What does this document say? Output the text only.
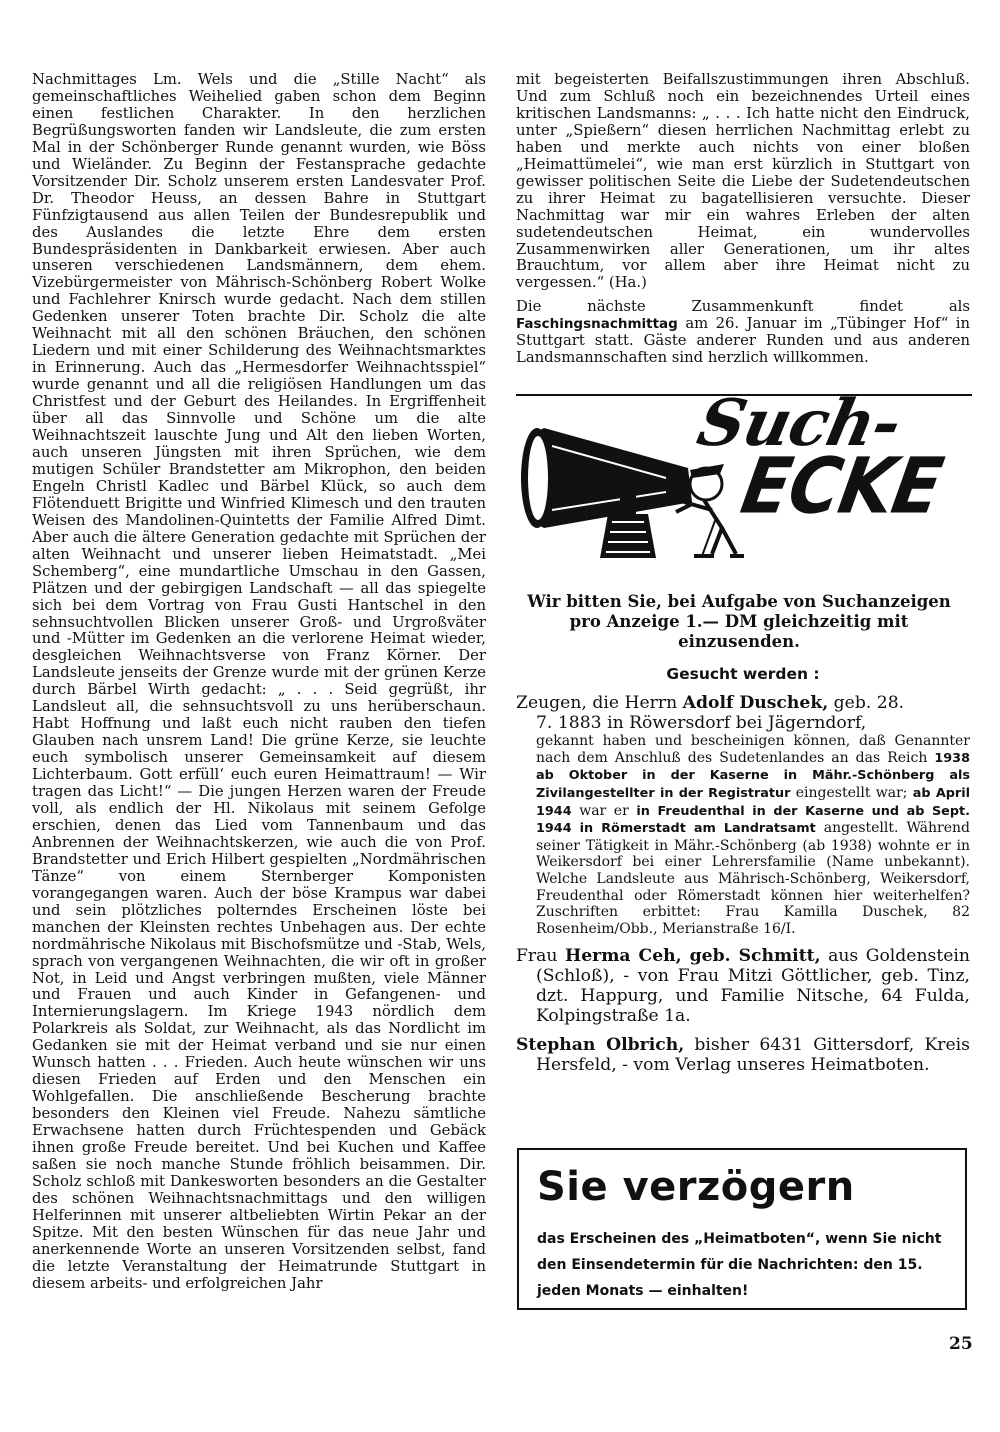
Nachmittages Lm. Wels und die „Stille Nacht“ als gemeinschaftliches Weihelied gaben schon dem Beginn einen festlichen Charakter. In den herzlichen Begrüßungsworten fanden wir Landsleute, die zum ersten Mal in der Schönberger Runde genannt wurden, wie Böss und Wieländer. Zu Beginn der Festansprache gedachte Vorsitzender Dir. Scholz unserem ersten Landesvater Prof. Dr. Theodor Heuss, an dessen Bahre in Stuttgart Fünfzigtausend aus allen Teilen der Bundesrepublik und des Auslandes die letzte Ehre dem ersten Bundespräsidenten in Dankbarkeit erwiesen. Aber auch unseren verschiedenen Landsmännern, dem ehem. Vizebürgermeister von Mährisch-Schönberg Robert Wolke und Fachlehrer Knirsch wurde gedacht. Nach dem stillen Gedenken unserer Toten brachte Dir. Scholz die alte Weihnacht mit all den schönen Bräuchen, den schönen Liedern und mit einer Schilderung des Weihnachtsmarktes in Erinnerung. Auch das „Hermesdorfer Weihnachtsspiel“ wurde genannt und all die religiösen Handlungen um das Christfest und der Geburt des Heilandes. In Ergriffenheit über all das Sinnvolle und Schöne um die alte Weihnachtszeit lauschte Jung und Alt den lieben Worten, auch unseren Jüngsten mit ihren Sprüchen, wie dem mutigen Schüler Brandstetter am Mikrophon, den beiden Engeln Christl Kadlec und Bärbel Klück, so auch dem Flötenduett Brigitte und Winfried Klimesch und den trauten Weisen des Mandolinen-Quintetts der Familie Alfred Dimt. Aber auch die ältere Generation gedachte mit Sprüchen der alten Weihnacht und unserer lieben Heimatstadt. „Mei Schemberg“, eine mundartliche Umschau in den Gassen, Plätzen und der gebirgigen Landschaft — all das spiegelte sich bei dem Vortrag von Frau Gusti Hantschel in den sehnsuchtvollen Blicken unserer Groß- und Urgroßväter und -Mütter im Gedenken an die verlorene Heimat wieder, desgleichen Weihnachtsverse von Franz Körner. Der Landsleute jenseits der Grenze wurde mit der grünen Kerze durch Bärbel Wirth gedacht: „ . . . Seid gegrüßt, ihr Landsleut all, die sehnsuchtsvoll zu uns herüberschaun. Habt Hoffnung und laßt euch nicht rauben den tiefen Glauben nach unsrem Land! Die grüne Kerze, sie leuchte euch symbolisch unserer Gemeinsamkeit auf diesem Lichterbaum. Gott erfüll‘ euch euren Heimattraum! — Wir tragen das Licht!“ — Die jungen Herzen waren der Freude voll, als endlich der Hl. Nikolaus mit seinem Gefolge erschien, denen das Lied vom Tannenbaum und das Anbrennen der Weihnachtskerzen, wie auch die von Prof. Brandstetter und Erich Hilbert gespielten „Nordmährischen Tänze“ von einem Sternberger Komponisten vorangegangen waren. Auch der böse Krampus war dabei und sein plötzliches polterndes Erscheinen löste bei manchen der Kleinsten rechtes Unbehagen aus. Der echte nordmährische Nikolaus mit Bischofsmütze und -Stab, Wels, sprach von vergangenen Weihnachten, die wir oft in großer Not, in Leid und Angst verbringen mußten, viele Männer und Frauen und auch Kinder in Gefangenen- und Internierungslagern. Im Kriege 1943 nördlich dem Polarkreis als Soldat, zur Weihnacht, als das Nordlicht im Gedanken sie mit der Heimat verband und sie nur einen Wunsch hatten . . . Frieden. Auch heute wünschen wir uns diesen Frieden auf Erden und den Menschen ein Wohlgefallen. Die anschließende Bescherung brachte besonders den Kleinen viel Freude. Nahezu sämtliche Erwachsene hatten durch Früchtespenden und Gebäck ihnen große Freude bereitet. Und bei Kuchen und Kaffee saßen sie noch manche Stunde fröhlich beisammen. Dir. Scholz schloß mit Dankesworten besonders an die Gestalter des schönen Weihnachtsnachmittags und den willigen Helferinnen mit unserer altbeliebten Wirtin Pekar an der Spitze. Mit den besten Wünschen für das neue Jahr und anerkennende Worte an unseren Vorsitzenden selbst, fand die letzte Veranstaltung der Heimatrunde Stuttgart in diesem arbeits- und erfolgreichen Jahr

mit begeisterten Beifallszustimmungen ihren Abschluß. Und zum Schluß noch ein bezeichnendes Urteil eines kritischen Landsmanns: „ . . . Ich hatte nicht den Eindruck, unter „Spießern“ diesen herrlichen Nachmittag erlebt zu haben und merkte auch nichts von einer bloßen „Heimattümelei“, wie man erst kürzlich in Stuttgart von gewisser politischen Seite die Liebe der Sudetendeutschen zu ihrer Heimat zu bagatellisieren versuchte. Dieser Nachmittag war mir ein wahres Erleben der alten sudetendeutschen Heimat, ein wundervolles Zusammenwirken aller Generationen, um ihr altes Brauchtum, vor allem aber ihre Heimat nicht zu vergessen.“ (Ha.)

Die nächste Zusammenkunft findet als Faschingsnachmittag am 26. Januar im „Tübinger Hof“ in Stuttgart statt. Gäste anderer Runden und aus anderen Landsmannschaften sind herzlich willkommen.

Such-
ECKE
Wir bitten Sie, bei Aufgabe von Suchanzeigen pro Anzeige 1.— DM gleichzeitig mit einzusenden.
Gesucht werden :
Zeugen, die Herrn Adolf Duschek, geb. 28.
7. 1883 in Röwersdorf bei Jägerndorf,
gekannt haben und bescheinigen können, daß Genannter nach dem Anschluß des Sudetenlandes an das Reich 1938 ab Oktober in der Kaserne in Mähr.-Schönberg als Zivilangestellter in der Registratur eingestellt war; ab April 1944 war er in Freudenthal in der Kaserne und ab Sept. 1944 in Römerstadt am Landratsamt angestellt. Während seiner Tätigkeit in Mähr.-Schönberg (ab 1938) wohnte er in Weikersdorf bei einer Lehrersfamilie (Name unbekannt). Welche Landsleute aus Mährisch-Schönberg, Weikersdorf, Freudenthal oder Römerstadt können hier weiterhelfen? Zuschriften erbittet: Frau Kamilla Duschek, 82 Rosenheim/Obb., Merianstraße 16/I.
Frau Herma Ceh, geb. Schmitt, aus Goldenstein (Schloß), - von Frau Mitzi Göttlicher, geb. Tinz, dzt. Happurg, und Familie Nitsche, 64 Fulda, Kolpingstraße 1a.
Stephan Olbrich, bisher 6431 Gittersdorf, Kreis Hersfeld, - vom Verlag unseres Heimatboten.
Sie verzögern
das Erscheinen des „Heimatboten“, wenn Sie nicht den Einsendetermin für die Nachrichten: den 15. jeden Monats — einhalten!
25
